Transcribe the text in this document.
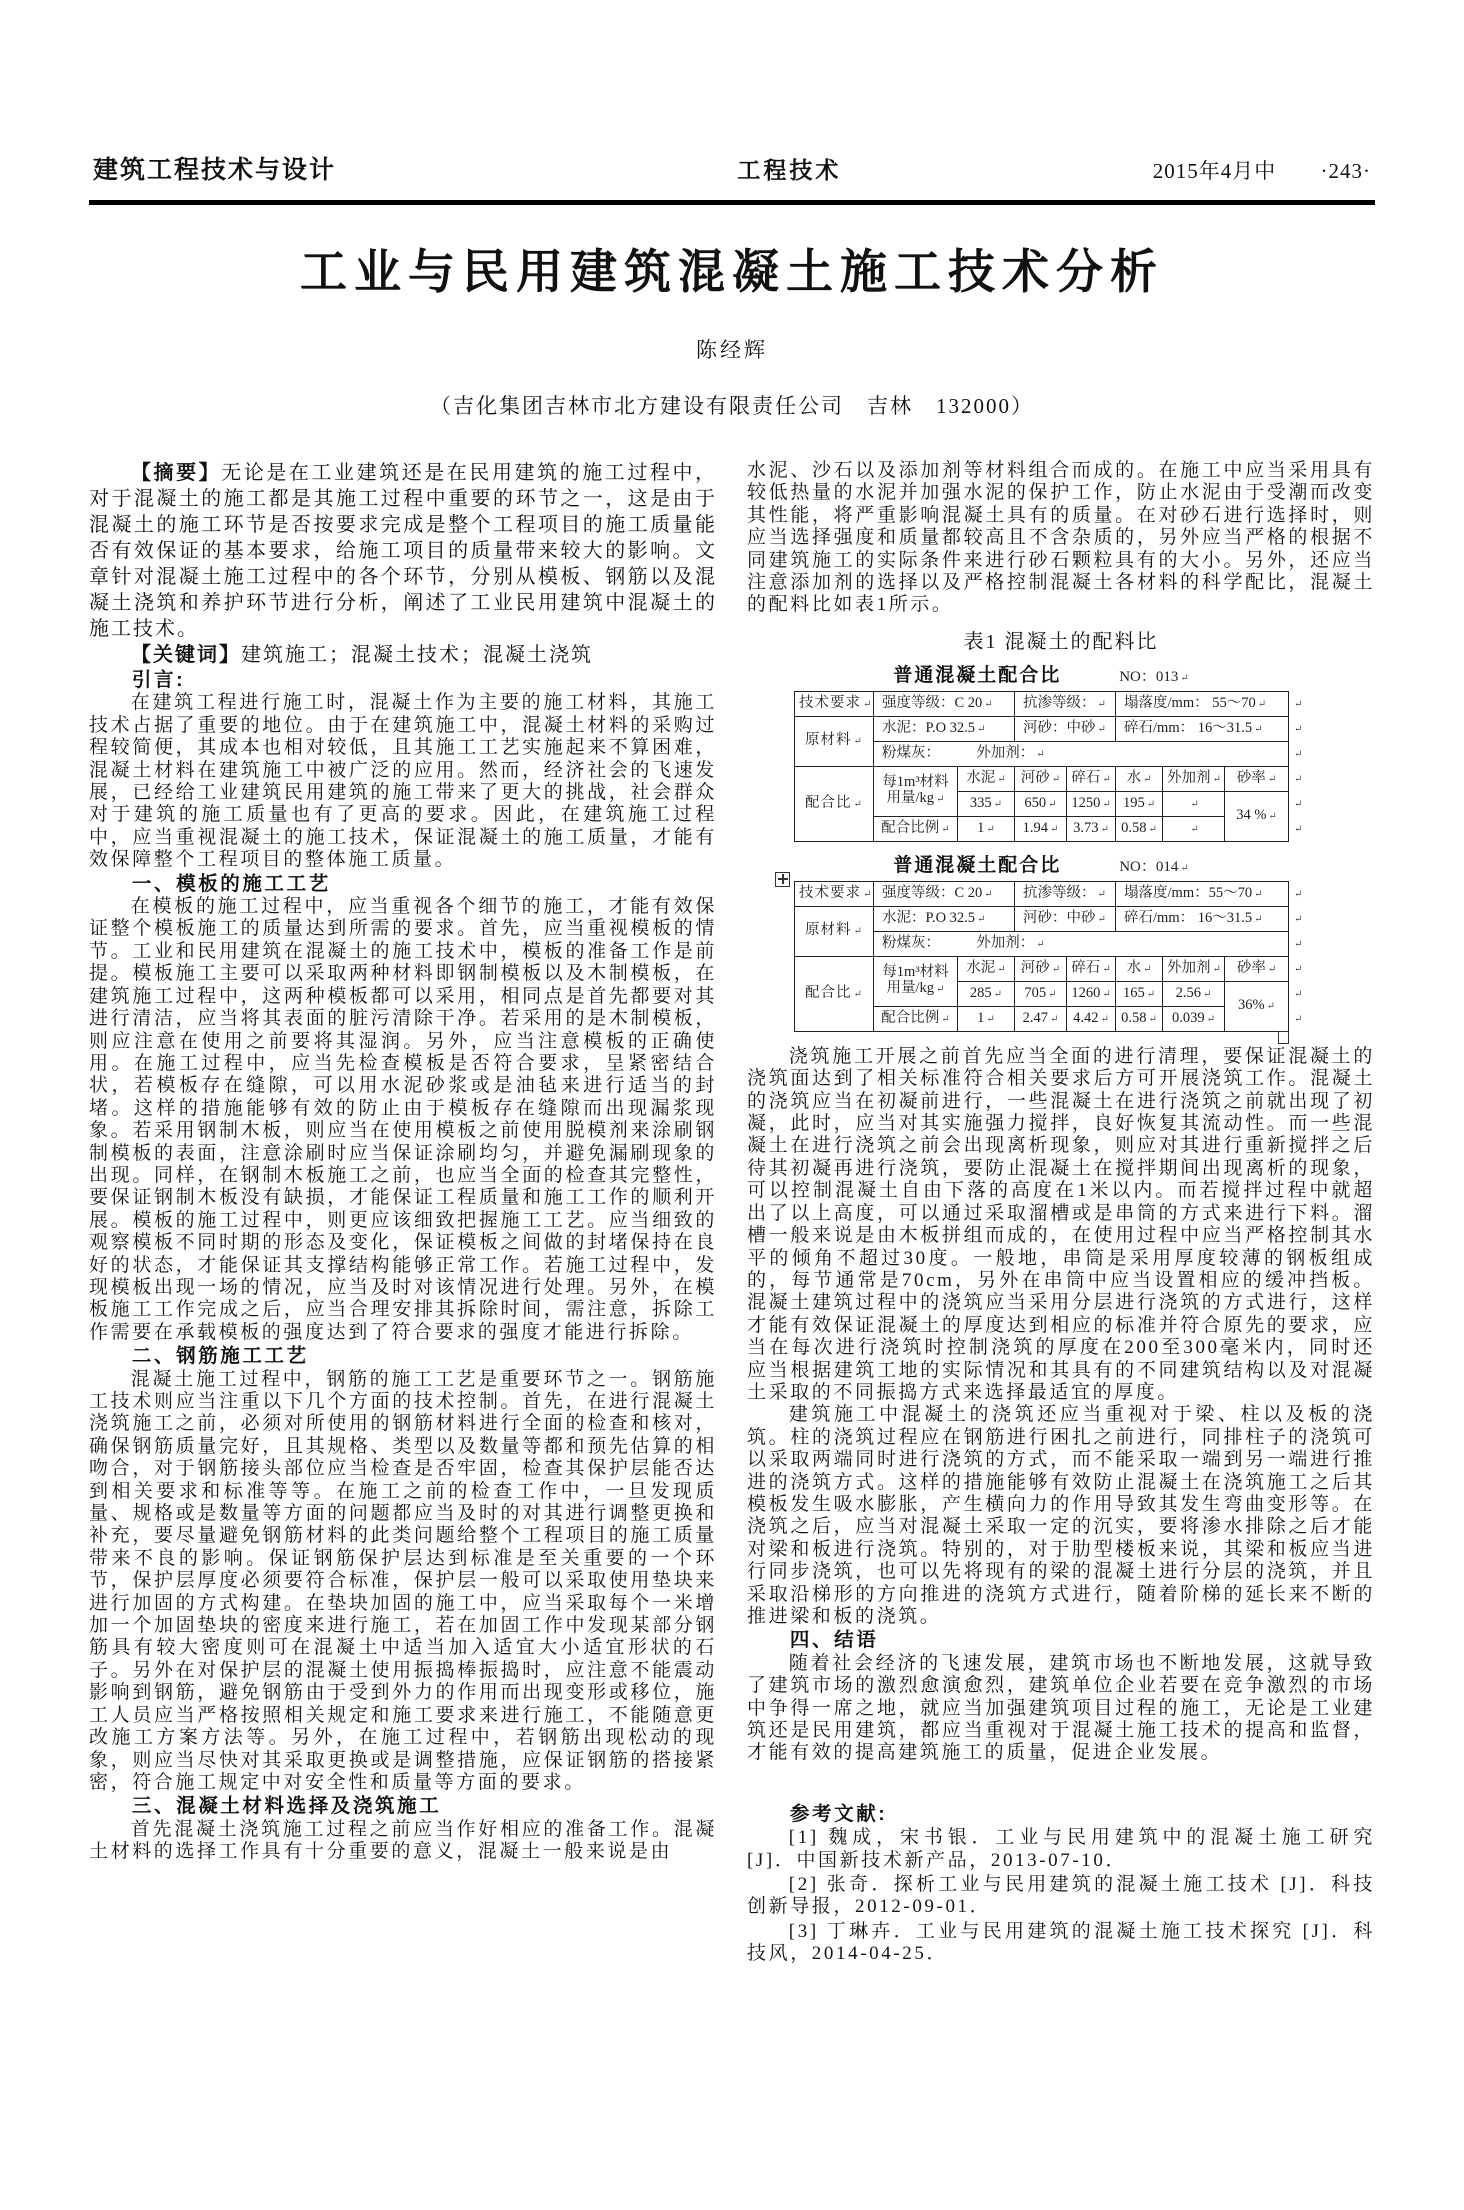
建筑工程技术与设计	工程技术	2015年4月中 ·243·
工业与民用建筑混凝土施工技术分析
陈经辉
（吉化集团吉林市北方建设有限责任公司　吉林　132000）

【摘要】无论是在工业建筑还是在民用建筑的施工过程中，对于混凝土的施工都是其施工过程中重要的环节之一，这是由于混凝土的施工环节是否按要求完成是整个工程项目的施工质量能否有效保证的基本要求，给施工项目的质量带来较大的影响。文章针对混凝土施工过程中的各个环节，分别从模板、钢筋以及混凝土浇筑和养护环节进行分析，阐述了工业民用建筑中混凝土的施工技术。

【关键词】建筑施工；混凝土技术；混凝土浇筑

引言:

在建筑工程进行施工时，混凝土作为主要的施工材料，其施工技术占据了重要的地位。由于在建筑施工中，混凝土材料的采购过程较简便，其成本也相对较低，且其施工工艺实施起来不算困难，混凝土材料在建筑施工中被广泛的应用。然而，经济社会的飞速发展，已经给工业建筑民用建筑的施工带来了更大的挑战，社会群众对于建筑的施工质量也有了更高的要求。因此，在建筑施工过程中，应当重视混凝土的施工技术，保证混凝土的施工质量，才能有效保障整个工程项目的整体施工质量。

一、模板的施工工艺

在模板的施工过程中，应当重视各个细节的施工，才能有效保证整个模板施工的质量达到所需的要求。首先，应当重视模板的情节。工业和民用建筑在混凝土的施工技术中，模板的准备工作是前提。模板施工主要可以采取两种材料即钢制模板以及木制模板，在建筑施工过程中，这两种模板都可以采用，相同点是首先都要对其进行清洁，应当将其表面的脏污清除干净。若采用的是木制模板，则应注意在使用之前要将其湿润。另外，应当注意模板的正确使用。在施工过程中，应当先检查模板是否符合要求，呈紧密结合状，若模板存在缝隙，可以用水泥砂浆或是油毡来进行适当的封堵。这样的措施能够有效的防止由于模板存在缝隙而出现漏浆现象。若采用钢制木板，则应当在使用模板之前使用脱模剂来涂刷钢制模板的表面，注意涂刷时应当保证涂刷均匀，并避免漏刷现象的出现。同样，在钢制木板施工之前，也应当全面的检查其完整性，要保证钢制木板没有缺损，才能保证工程质量和施工工作的顺利开展。模板的施工过程中，则更应该细致把握施工工艺。应当细致的观察模板不同时期的形态及变化，保证模板之间做的封堵保持在良好的状态，才能保证其支撑结构能够正常工作。若施工过程中，发现模板出现一场的情况，应当及时对该情况进行处理。另外，在模板施工工作完成之后，应当合理安排其拆除时间，需注意，拆除工作需要在承载模板的强度达到了符合要求的强度才能进行拆除。

二、钢筋施工工艺

混凝土施工过程中，钢筋的施工工艺是重要环节之一。钢筋施工技术则应当注重以下几个方面的技术控制。首先，在进行混凝土浇筑施工之前，必须对所使用的钢筋材料进行全面的检查和核对，确保钢筋质量完好，且其规格、类型以及数量等都和预先估算的相吻合，对于钢筋接头部位应当检查是否牢固，检查其保护层能否达到相关要求和标准等等。在施工之前的检查工作中，一旦发现质量、规格或是数量等方面的问题都应当及时的对其进行调整更换和补充，要尽量避免钢筋材料的此类问题给整个工程项目的施工质量带来不良的影响。保证钢筋保护层达到标准是至关重要的一个环节，保护层厚度必须要符合标准，保护层一般可以采取使用垫块来进行加固的方式构建。在垫块加固的施工中，应当采取每个一米增加一个加固垫块的密度来进行施工，若在加固工作中发现某部分钢筋具有较大密度则可在混凝土中适当加入适宜大小适宜形状的石子。另外在对保护层的混凝土使用振捣棒振捣时，应注意不能震动影响到钢筋，避免钢筋由于受到外力的作用而出现变形或移位，施工人员应当严格按照相关规定和施工要求来进行施工，不能随意更改施工方案方法等。另外，在施工过程中，若钢筋出现松动的现象，则应当尽快对其采取更换或是调整措施，应保证钢筋的搭接紧密，符合施工规定中对安全性和质量等方面的要求。

三、混凝土材料选择及浇筑施工

首先混凝土浇筑施工过程之前应当作好相应的准备工作。混凝土材料的选择工作具有十分重要的意义，混凝土一般来说是由

水泥、沙石以及添加剂等材料组合而成的。在施工中应当采用具有较低热量的水泥并加强水泥的保护工作，防止水泥由于受潮而改变其性能，将严重影响混凝土具有的质量。在对砂石进行选择时，则应当选择强度和质量都较高且不含杂质的，另外应当严格的根据不同建筑施工的实际条件来进行砂石颗粒具有的大小。另外，还应当注意添加剂的选择以及严格控制混凝土各材料的科学配比，混凝土的配料比如表1所示。

表1 混凝土的配料比
普通混凝土配合比	NO：013 ↵
技术要求 ↵	强度等级：C 20 ↵		抗渗等级： ↵		塌落度/mm： 55～70 ↵	↵
原材料 ↵	水泥：P.O 32.5 ↵		河砂：中砂 ↵		碎石/mm： 16～31.5 ↵	↵
	粉煤灰：　　　外加剂： ↵	↵
配合比 ↵	每1m³材料
用量/kg ↵	水泥 ↵	河砂 ↵	碎石 ↵	水 ↵	外加剂 ↵	砂率 ↵	↵
		335 ↵	650 ↵	1250 ↵	195 ↵	↵	34 % ↵	↵
	配合比例 ↵	1 ↵	1.94 ↵	3.73 ↵	0.58 ↵	↵	↵
普通混凝土配合比	NO：014 ↵
技术要求 ↵	强度等级：C 20 ↵		抗渗等级： ↵		塌落度/mm：55～70 ↵	↵
原材料 ↵	水泥：P.O 32.5 ↵		河砂：中砂 ↵		碎石/mm： 16～31.5 ↵	↵
	粉煤灰：　　　外加剂： ↵	↵
配合比 ↵	每1m³材料
用量/kg ↵	水泥 ↵	河砂 ↵	碎石 ↵	水 ↵	外加剂 ↵	砂率 ↵	↵
		285 ↵	705 ↵	1260 ↵	165 ↵	2.56 ↵	36% ↵	↵
	配合比例 ↵	1 ↵	2.47 ↵	4.42 ↵	0.58 ↵	0.039 ↵	↵

浇筑施工开展之前首先应当全面的进行清理，要保证混凝土的浇筑面达到了相关标准符合相关要求后方可开展浇筑工作。混凝土的浇筑应当在初凝前进行，一些混凝土在进行浇筑之前就出现了初凝，此时，应当对其实施强力搅拌，良好恢复其流动性。而一些混凝土在进行浇筑之前会出现离析现象，则应对其进行重新搅拌之后待其初凝再进行浇筑，要防止混凝土在搅拌期间出现离析的现象，可以控制混凝土自由下落的高度在1米以内。而若搅拌过程中就超出了以上高度，可以通过采取溜槽或是串筒的方式来进行下料。溜槽一般来说是由木板拼组而成的，在使用过程中应当严格控制其水平的倾角不超过30度。一般地，串筒是采用厚度较薄的钢板组成的，每节通常是70cm，另外在串筒中应当设置相应的缓冲挡板。混凝土建筑过程中的浇筑应当采用分层进行浇筑的方式进行，这样才能有效保证混凝土的厚度达到相应的标准并符合原先的要求，应当在每次进行浇筑时控制浇筑的厚度在200至300毫米内，同时还应当根据建筑工地的实际情况和其具有的不同建筑结构以及对混凝土采取的不同振捣方式来选择最适宜的厚度。

建筑施工中混凝土的浇筑还应当重视对于梁、柱以及板的浇筑。柱的浇筑过程应在钢筋进行困扎之前进行，同排柱子的浇筑可以采取两端同时进行浇筑的方式，而不能采取一端到另一端进行推进的浇筑方式。这样的措施能够有效防止混凝土在浇筑施工之后其模板发生吸水膨胀，产生横向力的作用导致其发生弯曲变形等。在浇筑之后，应当对混凝土采取一定的沉实，要将渗水排除之后才能对梁和板进行浇筑。特别的，对于肋型楼板来说，其梁和板应当进行同步浇筑，也可以先将现有的梁的混凝土进行分层的浇筑，并且采取沿梯形的方向推进的浇筑方式进行，随着阶梯的延长来不断的推进梁和板的浇筑。

四、结语

随着社会经济的飞速发展，建筑市场也不断地发展，这就导致了建筑市场的激烈愈演愈烈，建筑单位企业若要在竞争激烈的市场中争得一席之地，就应当加强建筑项目过程的施工，无论是工业建筑还是民用建筑，都应当重视对于混凝土施工技术的提高和监督，才能有效的提高建筑施工的质量，促进企业发展。

参考文献:

[1] 魏成，宋书银．工业与民用建筑中的混凝土施工研究 [J]．中国新技术新产品，2013-07-10．

[2] 张奇．探析工业与民用建筑的混凝土施工技术 [J]．科技创新导报，2012-09-01．

[3] 丁琳卉．工业与民用建筑的混凝土施工技术探究 [J]．科技风，2014-04-25．
